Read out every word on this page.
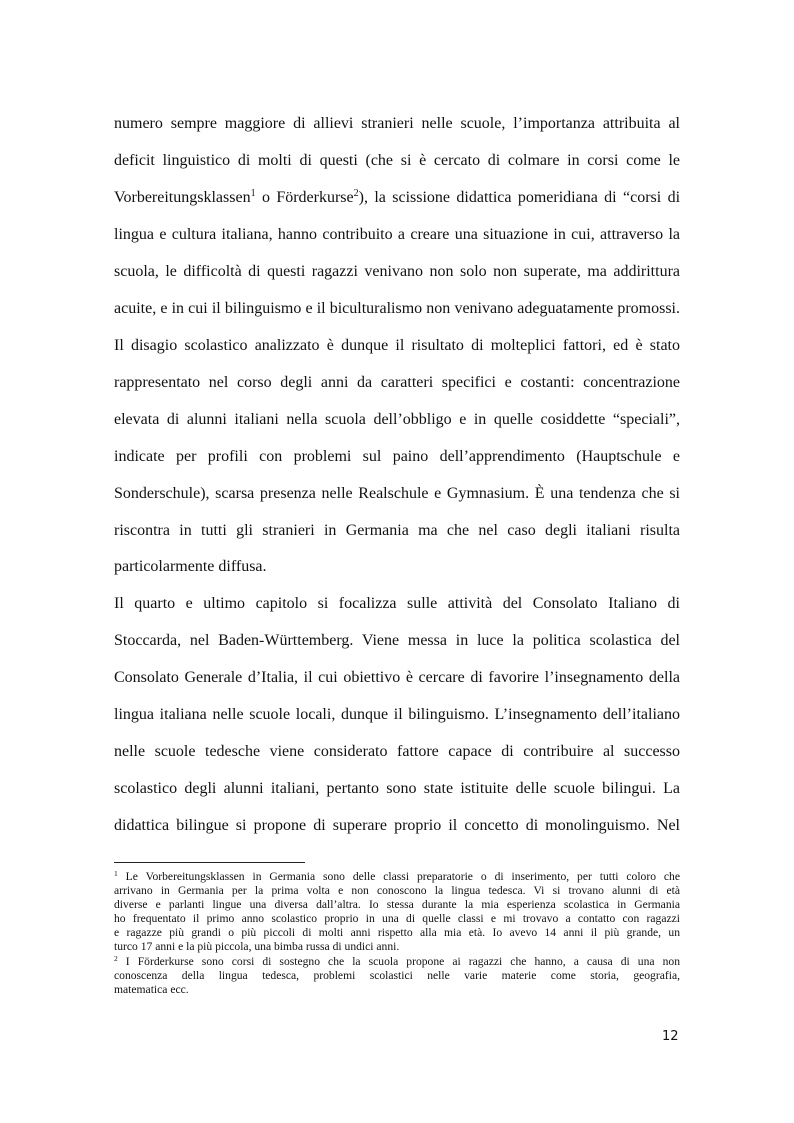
numero sempre maggiore di allievi stranieri nelle scuole, l’importanza attribuita al
deficit linguistico di molti di questi (che si è cercato di colmare in corsi come le
Vorbereitungsklassen$^1$ o Förderkurse$^2$), la scissione didattica pomeridiana di “corsi di
lingua e cultura italiana, hanno contribuito a creare una situazione in cui, attraverso la
scuola, le difficoltà di questi ragazzi venivano non solo non superate, ma addirittura
acuite, e in cui il bilinguismo e il biculturalismo non venivano adeguatamente promossi.
Il disagio scolastico analizzato è dunque il risultato di molteplici fattori, ed è stato
rappresentato nel corso degli anni da caratteri specifici e costanti: concentrazione
elevata di alunni italiani nella scuola dell’obbligo e in quelle cosiddette “speciali”,
indicate per profili con problemi sul paino dell’apprendimento (Hauptschule e
Sonderschule), scarsa presenza nelle Realschule e Gymnasium. È una tendenza che si
riscontra in tutti gli stranieri in Germania ma che nel caso degli italiani risulta
particolarmente diffusa.
Il quarto e ultimo capitolo si focalizza sulle attività del Consolato Italiano di
Stoccarda, nel Baden-Württemberg. Viene messa in luce la politica scolastica del
Consolato Generale d’Italia, il cui obiettivo è cercare di favorire l’insegnamento della
lingua italiana nelle scuole locali, dunque il bilinguismo. L’insegnamento dell’italiano
nelle scuole tedesche viene considerato fattore capace di contribuire al successo
scolastico degli alunni italiani, pertanto sono state istituite delle scuole bilingui. La
didattica bilingue si propone di superare proprio il concetto di monolinguismo. Nel
$^1$ Le Vorbereitungsklassen in Germania sono delle classi preparatorie o di inserimento, per tutti coloro che
arrivano in Germania per la prima volta e non conoscono la lingua tedesca. Vi si trovano alunni di età
diverse e parlanti lingue una diversa dall’altra. Io stessa durante la mia esperienza scolastica in Germania
ho frequentato il primo anno scolastico proprio in una di quelle classi e mi trovavo a contatto con ragazzi
e ragazze più grandi o più piccoli di molti anni rispetto alla mia età. Io avevo 14 anni il più grande, un
turco 17 anni e la più piccola, una bimba russa di undici anni.
$^2$ I Förderkurse sono corsi di sostegno che la scuola propone ai ragazzi che hanno, a causa di una non
conoscenza della lingua tedesca, problemi scolastici nelle varie materie come storia, geografia,
matematica ecc.
12
